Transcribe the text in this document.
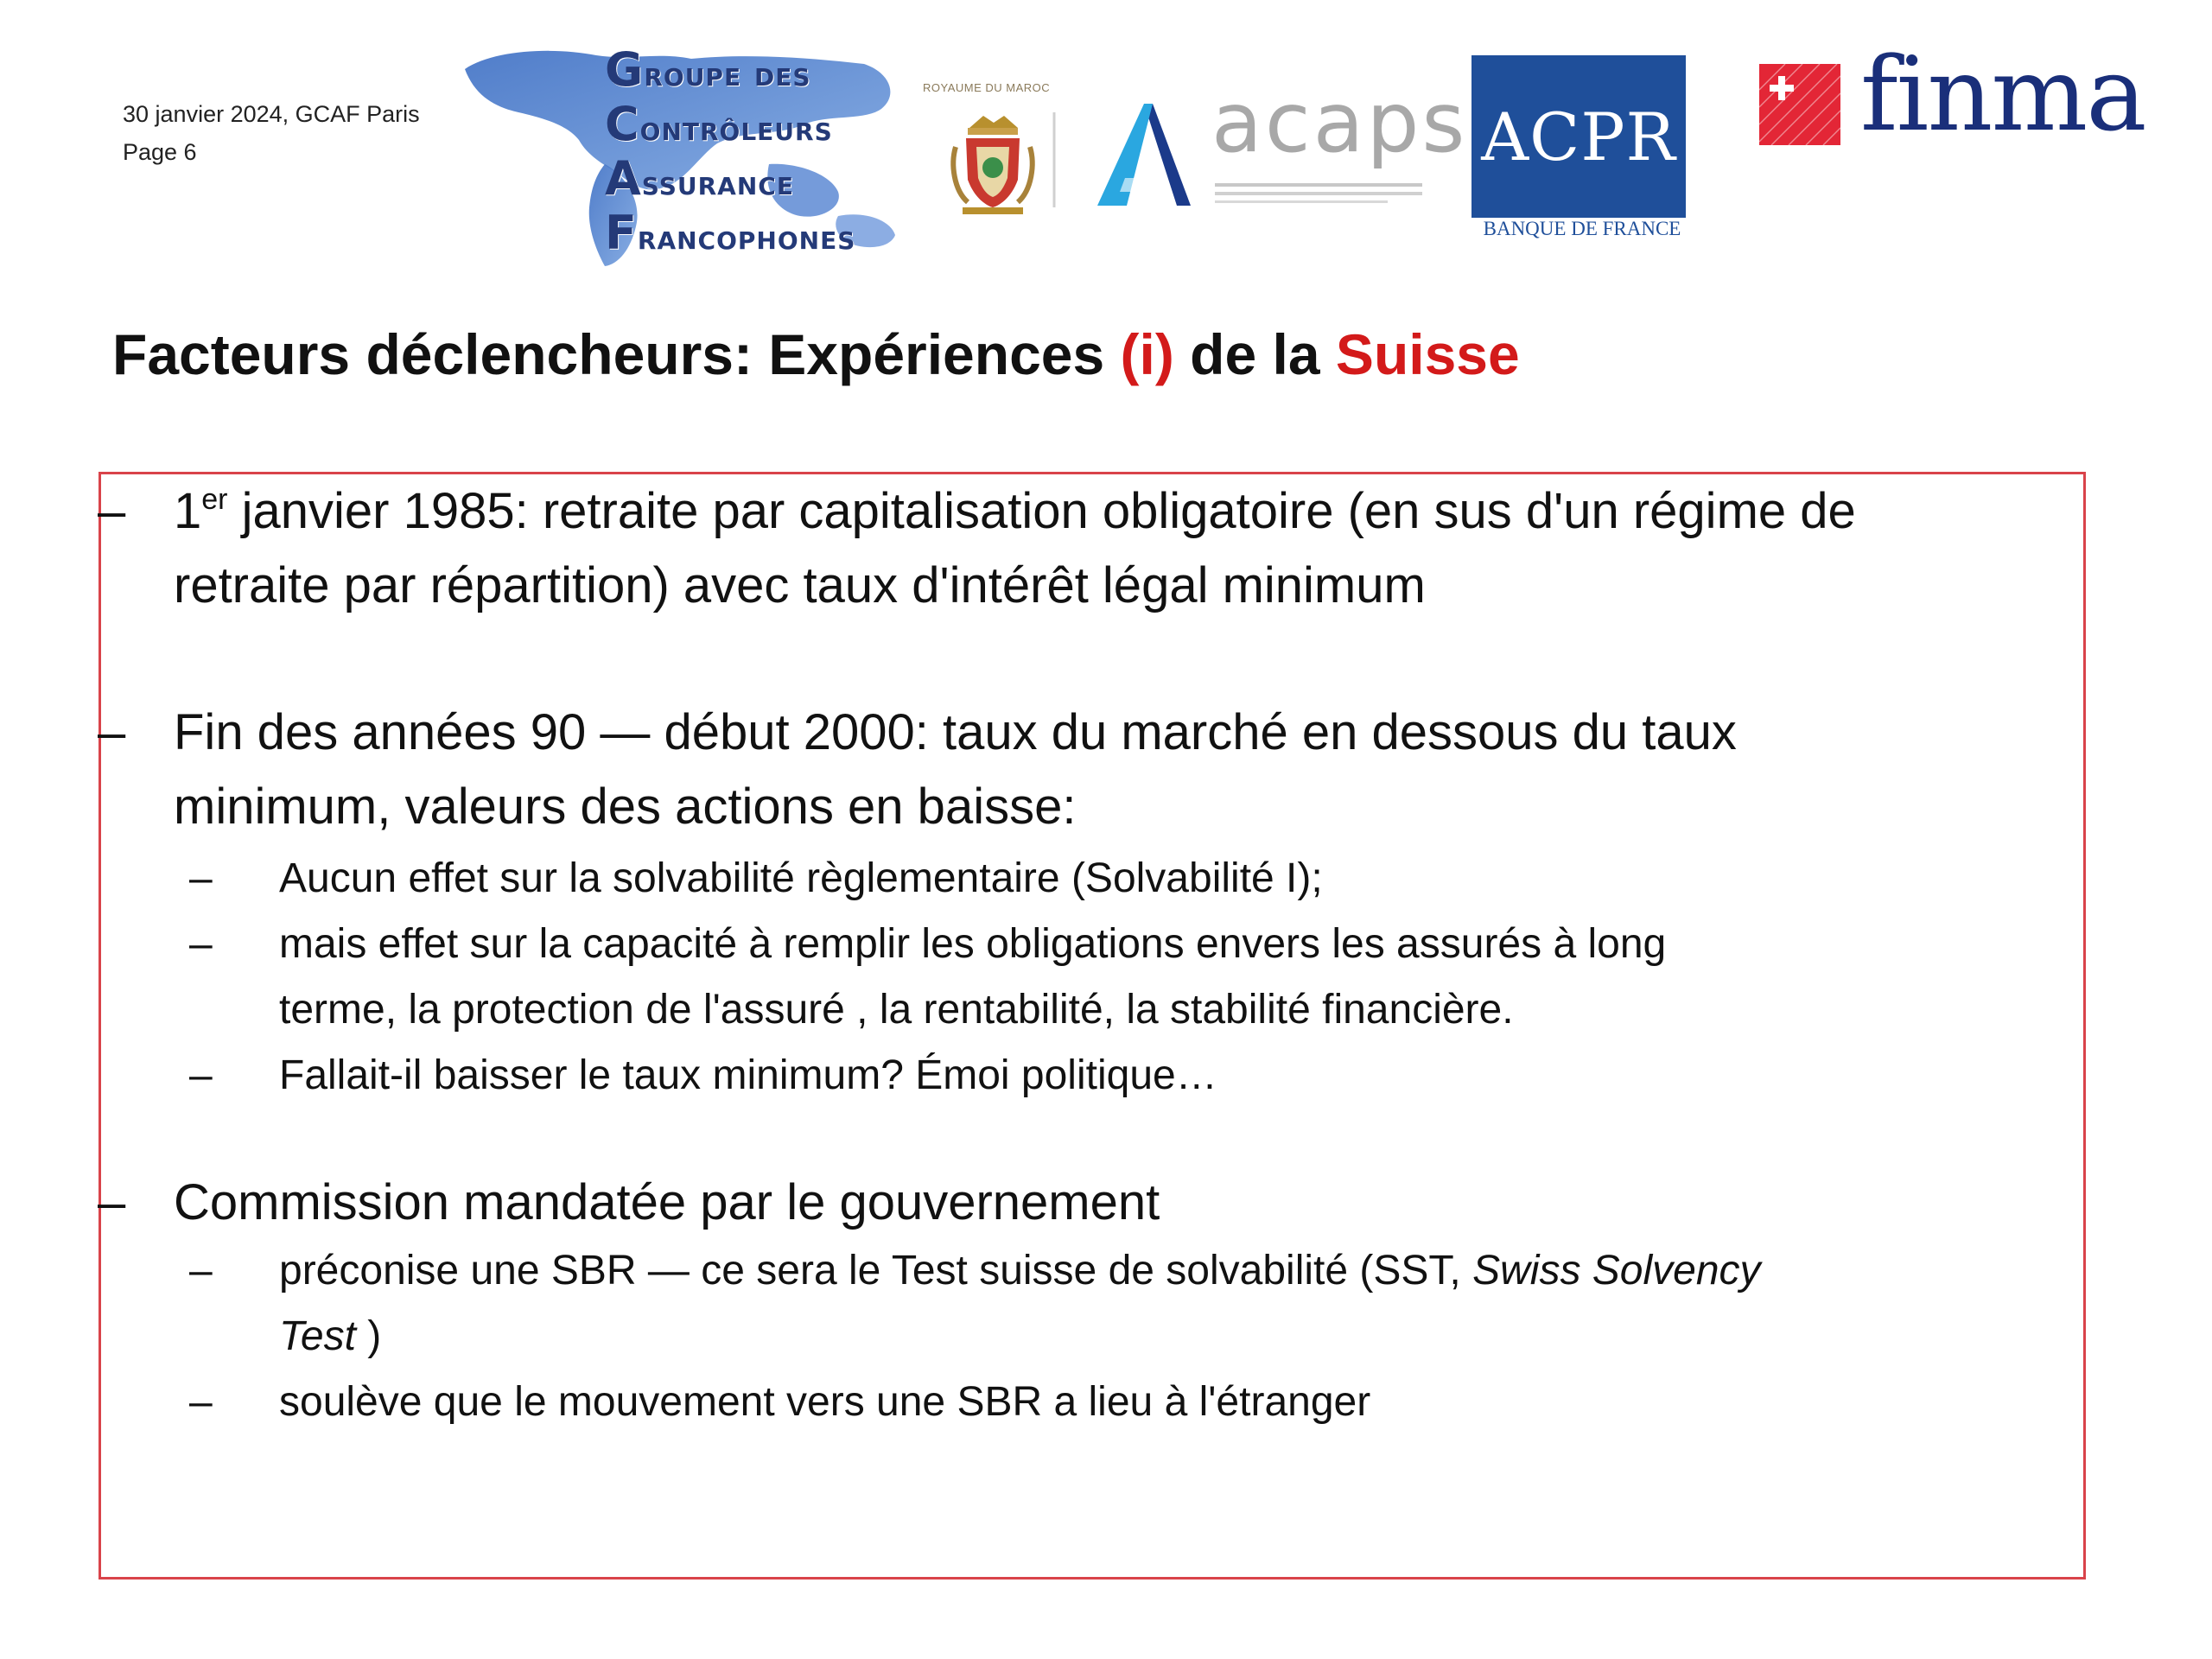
30 janvier 2024, GCAF Paris
Page 6
Groupe des
Contrôleurs
Assurance
Francophones
ROYAUME DU MAROC acaps ACPR
BANQUE DE FRANCE
finma
Facteurs déclencheurs: Expériences (i) de la Suisse
– 1er janvier 1985: retraite par capitalisation obligatoire (en sus d'un régime de
retraite par répartition) avec taux d'intérêt légal minimum
– Fin des années 90 — début 2000: taux du marché en dessous du taux
minimum, valeurs des actions en baisse:
– Aucun effet sur la solvabilité règlementaire (Solvabilité I);
– mais effet sur la capacité à remplir les obligations envers les assurés à long
terme, la protection de l'assuré , la rentabilité, la stabilité financière.
– Fallait-il baisser le taux minimum? Émoi politique…
– Commission mandatée par le gouvernement
– préconise une SBR — ce sera le Test suisse de solvabilité (SST, Swiss Solvency
Test )
– soulève que le mouvement vers une SBR a lieu à l'étranger
